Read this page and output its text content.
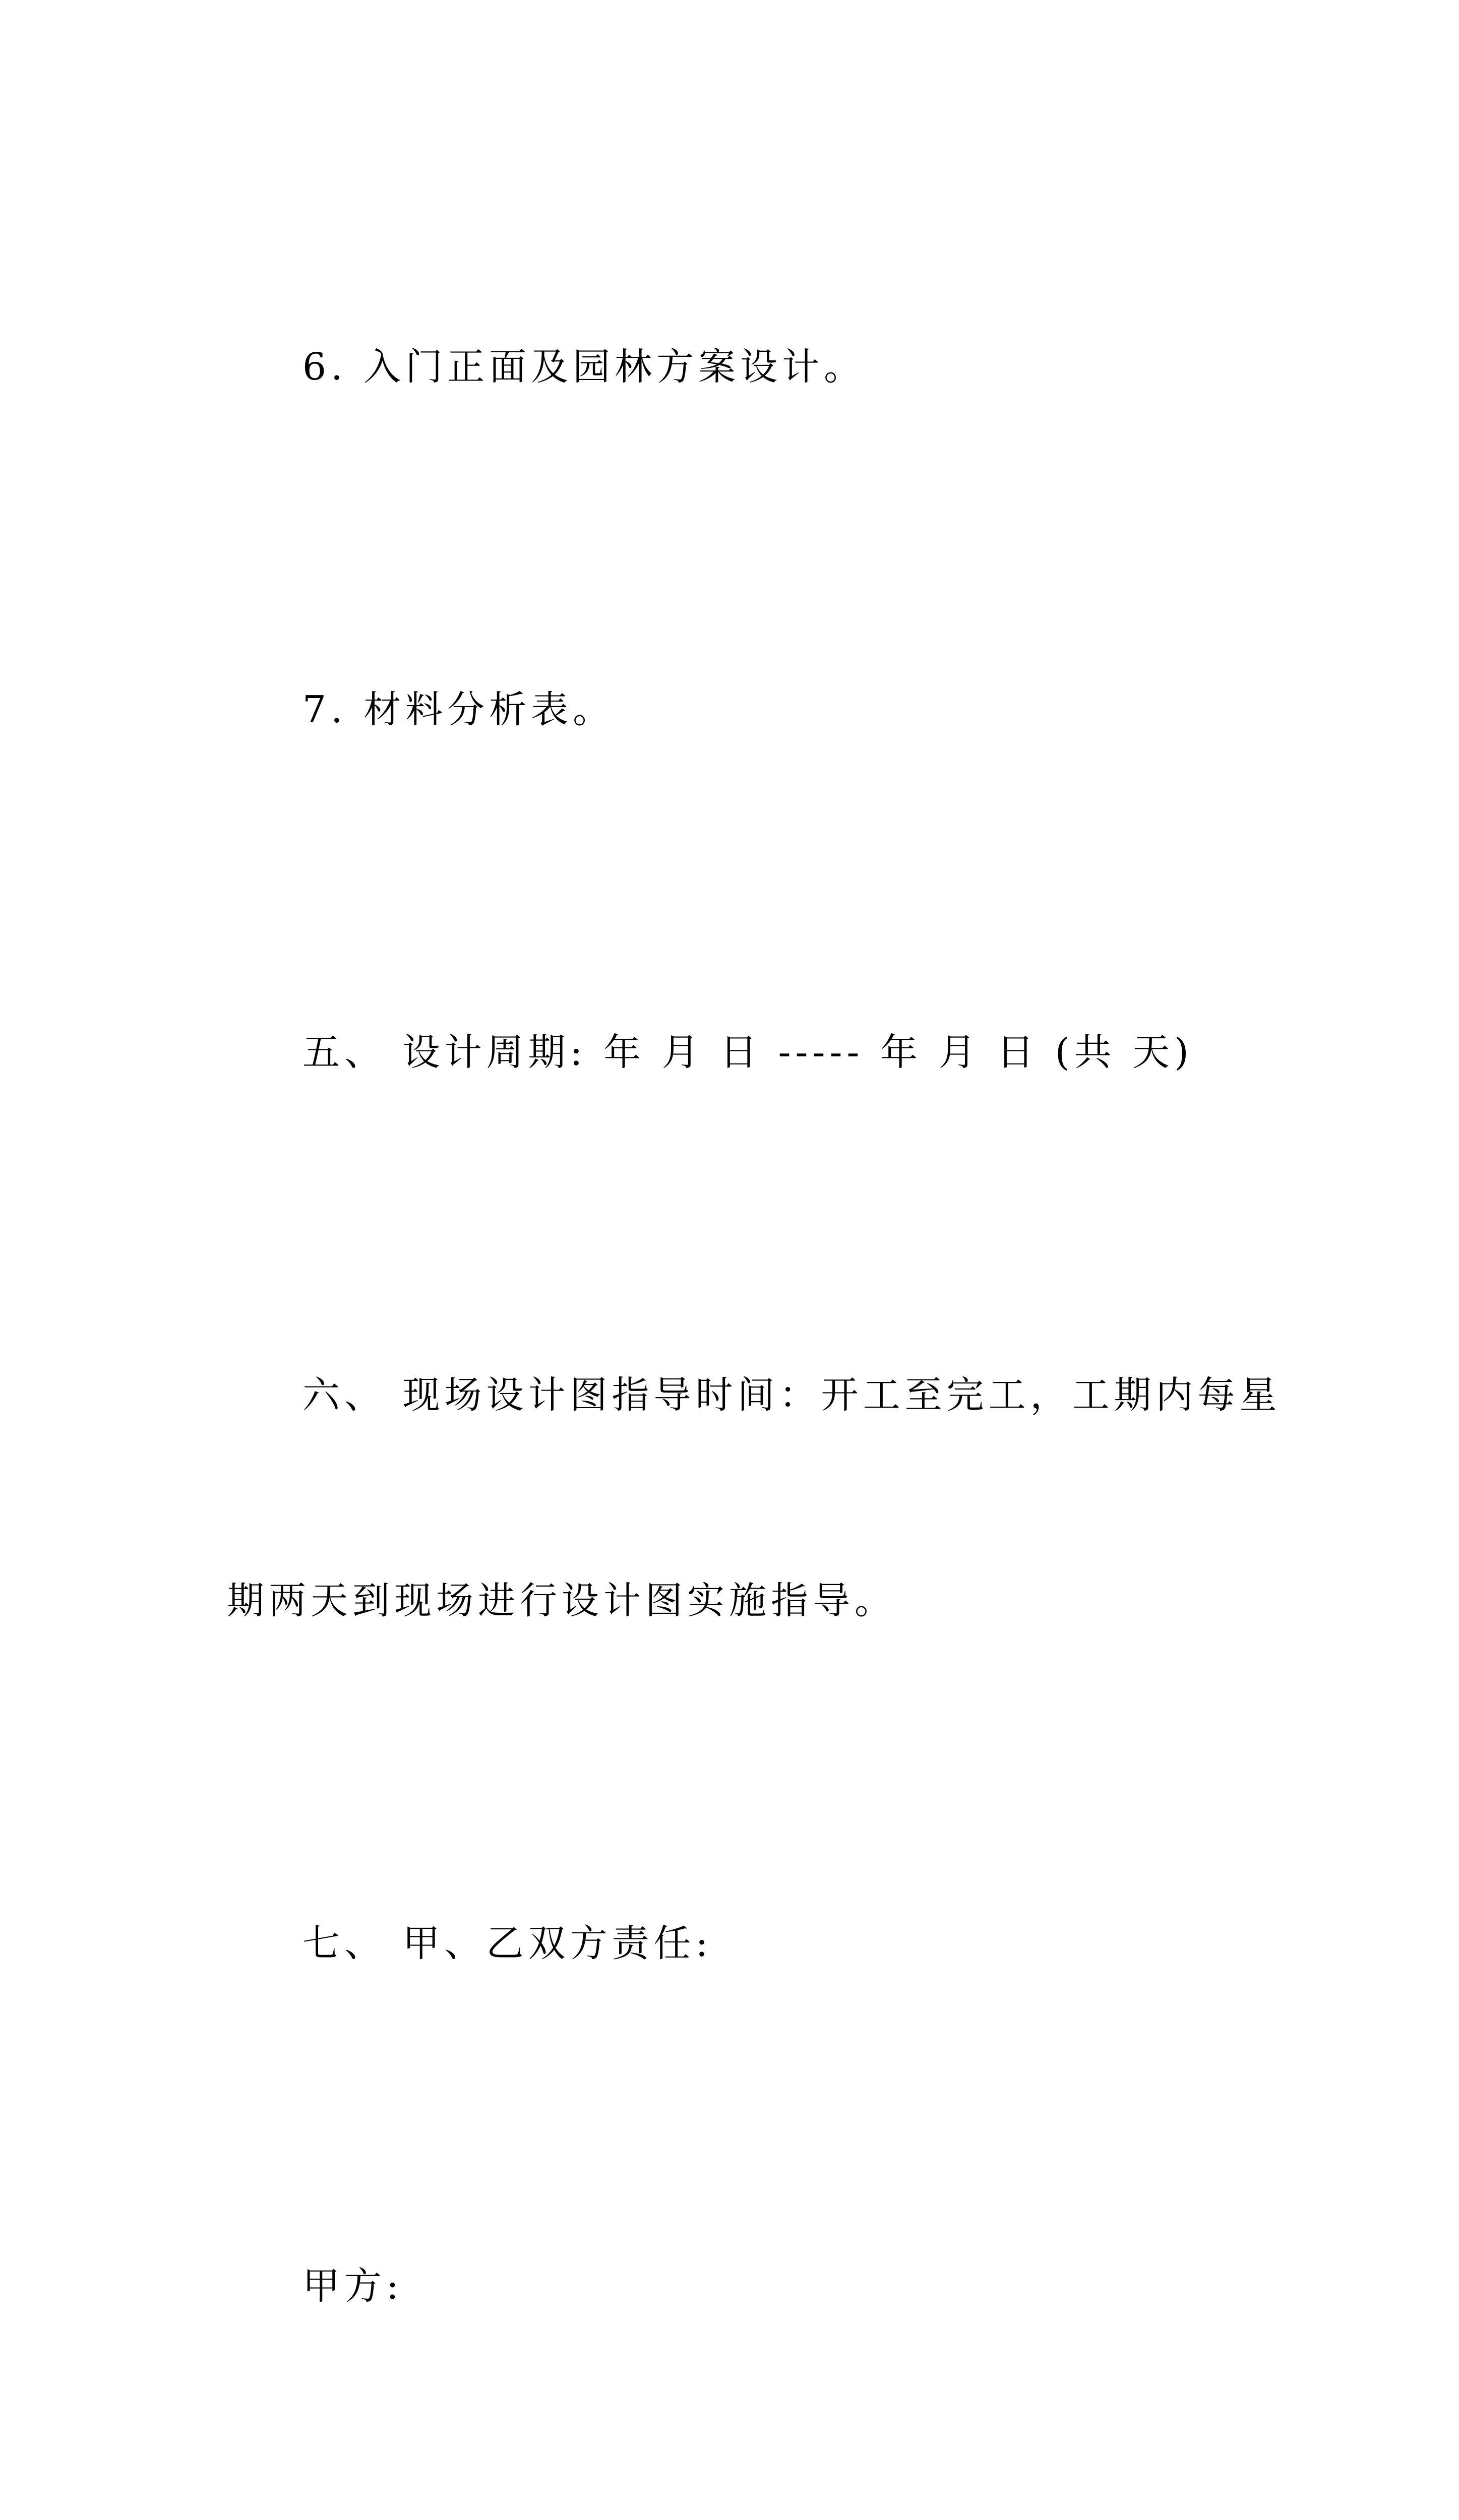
6. 入门正面及园林方案设计。

7. 材料分析表。

五、 设计周期: 年 月 日 ----- 年 月 日 (共 天)

六、 现场设计图指导时间：开工至完工，工期内每星

期两天到现场进行设计图实施指导。

七、 甲、乙双方责任:

甲方:
